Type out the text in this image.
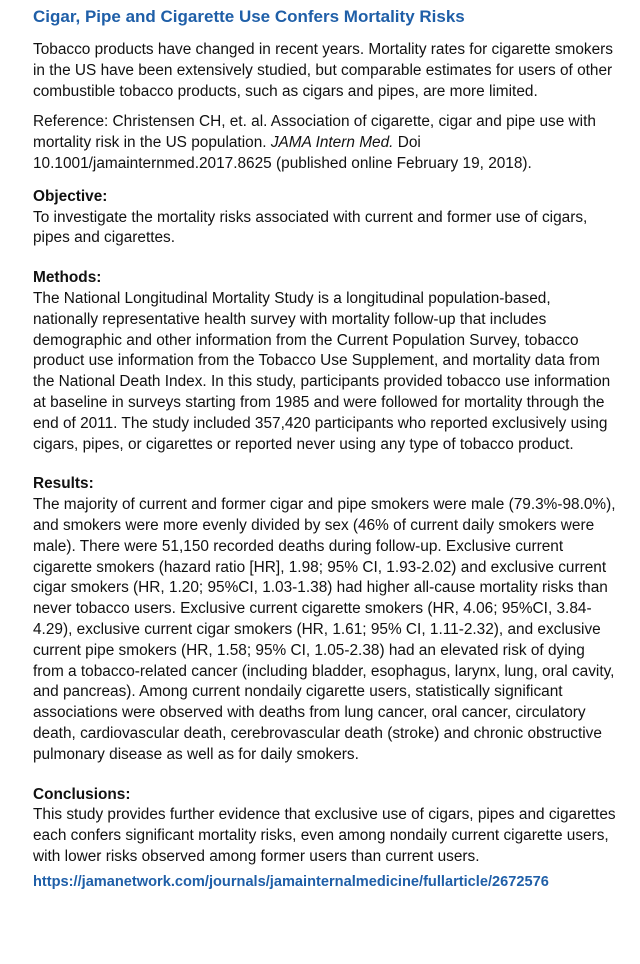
Cigar, Pipe and Cigarette Use Confers Mortality Risks

Tobacco products have changed in recent years. Mortality rates for cigarette smokers in the US have been extensively studied, but comparable estimates for users of other combustible tobacco products, such as cigars and pipes, are more limited.

Reference: Christensen CH, et. al. Association of cigarette, cigar and pipe use with mortality risk in the US population. JAMA Intern Med. Doi 10.1001/jamainternmed.2017.8625 (published online February 19, 2018).

Objective:

To investigate the mortality risks associated with current and former use of cigars, pipes and cigarettes.

Methods:

The National Longitudinal Mortality Study is a longitudinal population-based, nationally representative health survey with mortality follow-up that includes demographic and other information from the Current Population Survey, tobacco product use information from the Tobacco Use Supplement, and mortality data from the National Death Index. In this study, participants provided tobacco use information at baseline in surveys starting from 1985 and were followed for mortality through the end of 2011. The study included 357,420 participants who reported exclusively using cigars, pipes, or cigarettes or reported never using any type of tobacco product.

Results:

The majority of current and former cigar and pipe smokers were male (79.3%-98.0%), and smokers were more evenly divided by sex (46% of current daily smokers were male). There were 51,150 recorded deaths during follow-up. Exclusive current cigarette smokers (hazard ratio [HR], 1.98; 95% CI, 1.93-2.02) and exclusive current cigar smokers (HR, 1.20; 95%CI, 1.03-1.38) had higher all-cause mortality risks than never tobacco users. Exclusive current cigarette smokers (HR, 4.06; 95%CI, 3.84-4.29), exclusive current cigar smokers (HR, 1.61; 95% CI, 1.11-2.32), and exclusive current pipe smokers (HR, 1.58; 95% CI, 1.05-2.38) had an elevated risk of dying from a tobacco-related cancer (including bladder, esophagus, larynx, lung, oral cavity, and pancreas). Among current nondaily cigarette users, statistically significant associations were observed with deaths from lung cancer, oral cancer, circulatory death, cardiovascular death, cerebrovascular death (stroke) and chronic obstructive pulmonary disease as well as for daily smokers.

Conclusions:

This study provides further evidence that exclusive use of cigars, pipes and cigarettes each confers significant mortality risks, even among nondaily current cigarette users, with lower risks observed among former users than current users.

https://jamanetwork.com/journals/jamainternalmedicine/fullarticle/2672576
